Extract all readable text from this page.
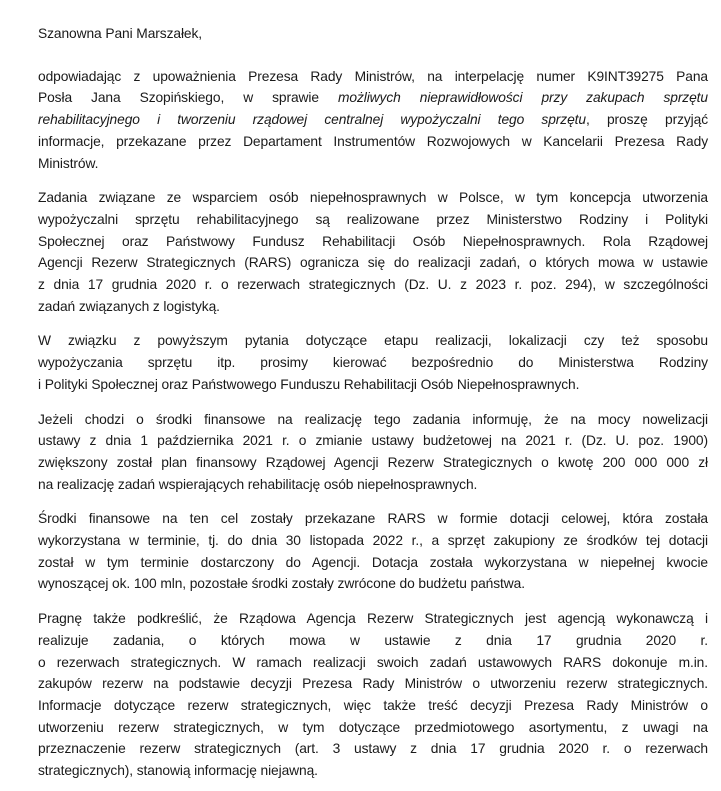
Szanowna Pani Marszałek,
odpowiadając z upoważnienia Prezesa Rady Ministrów, na interpelację numer K9INT39275 Pana
Posła Jana Szopińskiego, w sprawie możliwych nieprawidłowości przy zakupach sprzętu
rehabilitacyjnego i tworzeniu rządowej centralnej wypożyczalni tego sprzętu, proszę przyjąć
informacje, przekazane przez Departament Instrumentów Rozwojowych w Kancelarii Prezesa Rady
Ministrów.
Zadania związane ze wsparciem osób niepełnosprawnych w Polsce, w tym koncepcja utworzenia
wypożyczalni sprzętu rehabilitacyjnego są realizowane przez Ministerstwo Rodziny i Polityki
Społecznej oraz Państwowy Fundusz Rehabilitacji Osób Niepełnosprawnych. Rola Rządowej
Agencji Rezerw Strategicznych (RARS) ogranicza się do realizacji zadań, o których mowa w ustawie
z dnia 17 grudnia 2020 r. o rezerwach strategicznych (Dz. U. z 2023 r. poz. 294), w szczególności
zadań związanych z logistyką.
W związku z powyższym pytania dotyczące etapu realizacji, lokalizacji czy też sposobu
wypożyczania sprzętu itp. prosimy kierować bezpośrednio do Ministerstwa Rodziny
i Polityki Społecznej oraz Państwowego Funduszu Rehabilitacji Osób Niepełnosprawnych.
Jeżeli chodzi o środki finansowe na realizację tego zadania informuję, że na mocy nowelizacji
ustawy z dnia 1 października 2021 r. o zmianie ustawy budżetowej na 2021 r. (Dz. U. poz. 1900)
zwiększony został plan finansowy Rządowej Agencji Rezerw Strategicznych o kwotę 200 000 000 zł
na realizację zadań wspierających rehabilitację osób niepełnosprawnych.
Środki finansowe na ten cel zostały przekazane RARS w formie dotacji celowej, która została
wykorzystana w terminie, tj. do dnia 30 listopada 2022 r., a sprzęt zakupiony ze środków tej dotacji
został w tym terminie dostarczony do Agencji. Dotacja została wykorzystana w niepełnej kwocie
wynoszącej ok. 100 mln, pozostałe środki zostały zwrócone do budżetu państwa.
Pragnę także podkreślić, że Rządowa Agencja Rezerw Strategicznych jest agencją wykonawczą i
realizuje zadania, o których mowa w ustawie z dnia 17 grudnia 2020 r.
o rezerwach strategicznych. W ramach realizacji swoich zadań ustawowych RARS dokonuje m.in.
zakupów rezerw na podstawie decyzji Prezesa Rady Ministrów o utworzeniu rezerw strategicznych.
Informacje dotyczące rezerw strategicznych, więc także treść decyzji Prezesa Rady Ministrów o
utworzeniu rezerw strategicznych, w tym dotyczące przedmiotowego asortymentu, z uwagi na
przeznaczenie rezerw strategicznych (art. 3 ustawy z dnia 17 grudnia 2020 r. o rezerwach
strategicznych), stanowią informację niejawną.
